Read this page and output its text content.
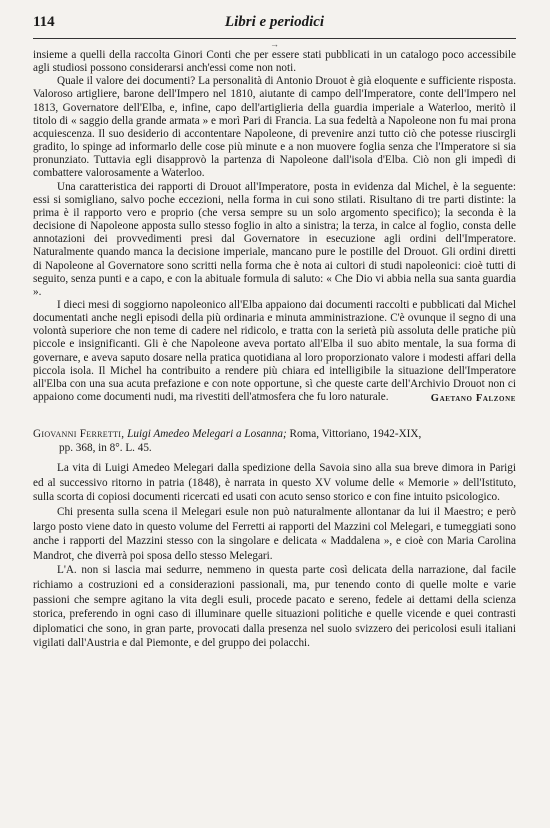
114	Libri e periodici
→

insieme a quelli della raccolta Ginori Conti che per essere stati pubblicati in un catalogo poco accessibile agli studiosi possono considerarsi anch'essi come non noti.

Quale il valore dei documenti? La personalità di Antonio Drouot è già eloquente e sufficiente risposta. Valoroso artigliere, barone dell'Impero nel 1810, aiutante di campo dell'Imperatore, conte dell'Impero nel 1813, Governatore dell'Elba, e, infine, capo dell'artiglieria della guardia imperiale a Waterloo, meritò il titolo di « saggio della grande armata » e morì Pari di Francia. La sua fedeltà a Napoleone non fu mai prona acquiescenza. Il suo desiderio di accontentare Napoleone, di prevenire anzi tutto ciò che potesse riuscirgli gradito, lo spinge ad informarlo delle cose più minute e a non muovere foglia senza che l'Imperatore si sia pronunziato. Tuttavia egli disapprovò la partenza di Napoleone dall'isola d'Elba. Ciò non gli impedì di combattere valorosamente a Waterloo.

Una caratteristica dei rapporti di Drouot all'Imperatore, posta in evidenza dal Michel, è la seguente: essi si somigliano, salvo poche eccezioni, nella forma in cui sono stilati. Risultano di tre parti distinte: la prima è il rapporto vero e proprio (che versa sempre su un solo argomento specifico); la seconda è la decisione di Napoleone apposta sullo stesso foglio in alto a sinistra; la terza, in calce al foglio, consta delle annotazioni dei provvedimenti presi dal Governatore in esecuzione agli ordini dell'Imperatore. Naturalmente quando manca la decisione imperiale, mancano pure le postille del Drouot. Gli ordini diretti di Napoleone al Governatore sono scritti nella forma che è nota ai cultori di studi napoleonici: cioè tutti di seguito, senza punti e a capo, e con la abituale formula di saluto: « Che Dio vi abbia nella sua santa guardia ».

I dieci mesi di soggiorno napoleonico all'Elba appaiono dai documenti raccolti e pubblicati dal Michel documentati anche negli episodi della più ordinaria e minuta amministrazione. C'è ovunque il segno di una volontà superiore che non teme di cadere nel ridicolo, e tratta con la serietà più assoluta delle pratiche più piccole e insignificanti. Gli è che Napoleone aveva portato all'Elba il suo abito mentale, la sua forma di governare, e aveva saputo dosare nella pratica quotidiana al loro proporzionato valore i modesti affari della piccola isola. Il Michel ha contribuito a rendere più chiara ed intelligibile la situazione dell'Imperatore all'Elba con una sua acuta prefazione e con note opportune, sì che queste carte dell'Archivio Drouot non ci appaiono come documenti nudi, ma rivestiti dell'atmosfera che fu loro naturale.	Gaetano Falzone

Giovanni Ferretti, Luigi Amedeo Melegari a Losanna; Roma, Vittoriano, 1942-XIX,
pp. 368, in 8°. L. 45.

La vita di Luigi Amedeo Melegari dalla spedizione della Savoia sino alla sua breve dimora in Parigi ed al successivo ritorno in patria (1848), è narrata in questo XV volume delle « Memorie » dell'Istituto, sulla scorta di copiosi documenti ricercati ed usati con acuto senso storico e con fine intuito psicologico.

Chi presenta sulla scena il Melegari esule non può naturalmente allontanar da lui il Maestro; e però largo posto viene dato in questo volume del Ferretti ai rapporti del Mazzini col Melegari, e tumeggiati sono anche i rapporti del Mazzini stesso con la singolare e delicata « Maddalena », e cioè con Maria Carolina Mandrot, che diverrà poi sposa dello stesso Melegari.

L'A. non si lascia mai sedurre, nemmeno in questa parte così delicata della narrazione, dal facile richiamo a costruzioni ed a considerazioni passionali, ma, pur tenendo conto di quelle molte e varie passioni che sempre agitano la vita degli esuli, procede pacato e sereno, fedele ai dettami della scienza storica, preferendo in ogni caso di illuminare quelle situazioni politiche e quelle vicende e quei contrasti diplomatici che sono, in gran parte, provocati dalla presenza nel suolo svizzero dei pericolosi esuli italiani vigilati dall'Austria e dal Piemonte, e del gruppo dei polacchi.
